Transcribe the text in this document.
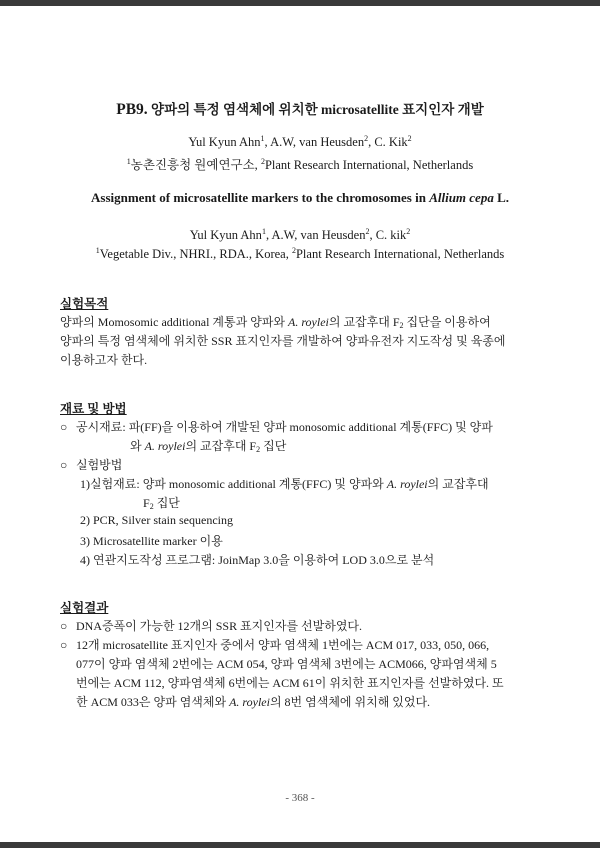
PB9. 양파의 특정 염색체에 위치한 microsatellite 표지인자 개발
Yul Kyun Ahn$^1$, A.W, van Heusden$^2$, C. Kik$^2$
$^1$농촌진흥청 원예연구소, $^2$Plant Research International, Netherlands
Assignment of microsatellite markers to the chromosomes in Allium cepa L.
Yul Kyun Ahn$^1$, A.W, van Heusden$^2$, C. kik$^2$
$^1$Vegetable Div., NHRI., RDA., Korea, $^2$Plant Research International, Netherlands
실험목적
양파의 Momosomic additional 계통과 양파와 A. roylei의 교잡후대 $F_2$ 집단을 이용하여
양파의 특정 염색체에 위치한 SSR 표지인자를 개발하여 양파유전자 지도작성 및 육종에
이용하고자 한다.
재료 및 방법
○ 공시재료: 파(FF)을 이용하여 개발된 양파 monosomic additional 계통(FFC) 및 양파
와 A. roylei의 교잡후대 $F_2$ 집단
○ 실험방법
1)실험재료: 양파 monosomic additional 계통(FFC) 및 양파와 A. roylei의 교잡후대
$F_2$ 집단
2) PCR, Silver stain sequencing
3) Microsatellite marker 이용
4) 연관지도작성 프로그램: JoinMap 3.0을 이용하여 LOD 3.0으로 분석
실험결과
○ DNA증폭이 가능한 12개의 SSR 표지인자를 선발하였다.
○ 12개 microsatellite 표지인자 중에서 양파 염색체 1번에는 ACM 017, 033, 050, 066,
077이 양파 염색체 2번에는 ACM 054, 양파 염색체 3번에는 ACM066, 양파염색체 5
번에는 ACM 112, 양파염색체 6번에는 ACM 61이 위치한 표지인자를 선발하였다. 또
한 ACM 033은 양파 염색체와 A. roylei의 8번 염색체에 위치해 있었다.
- 368 -
